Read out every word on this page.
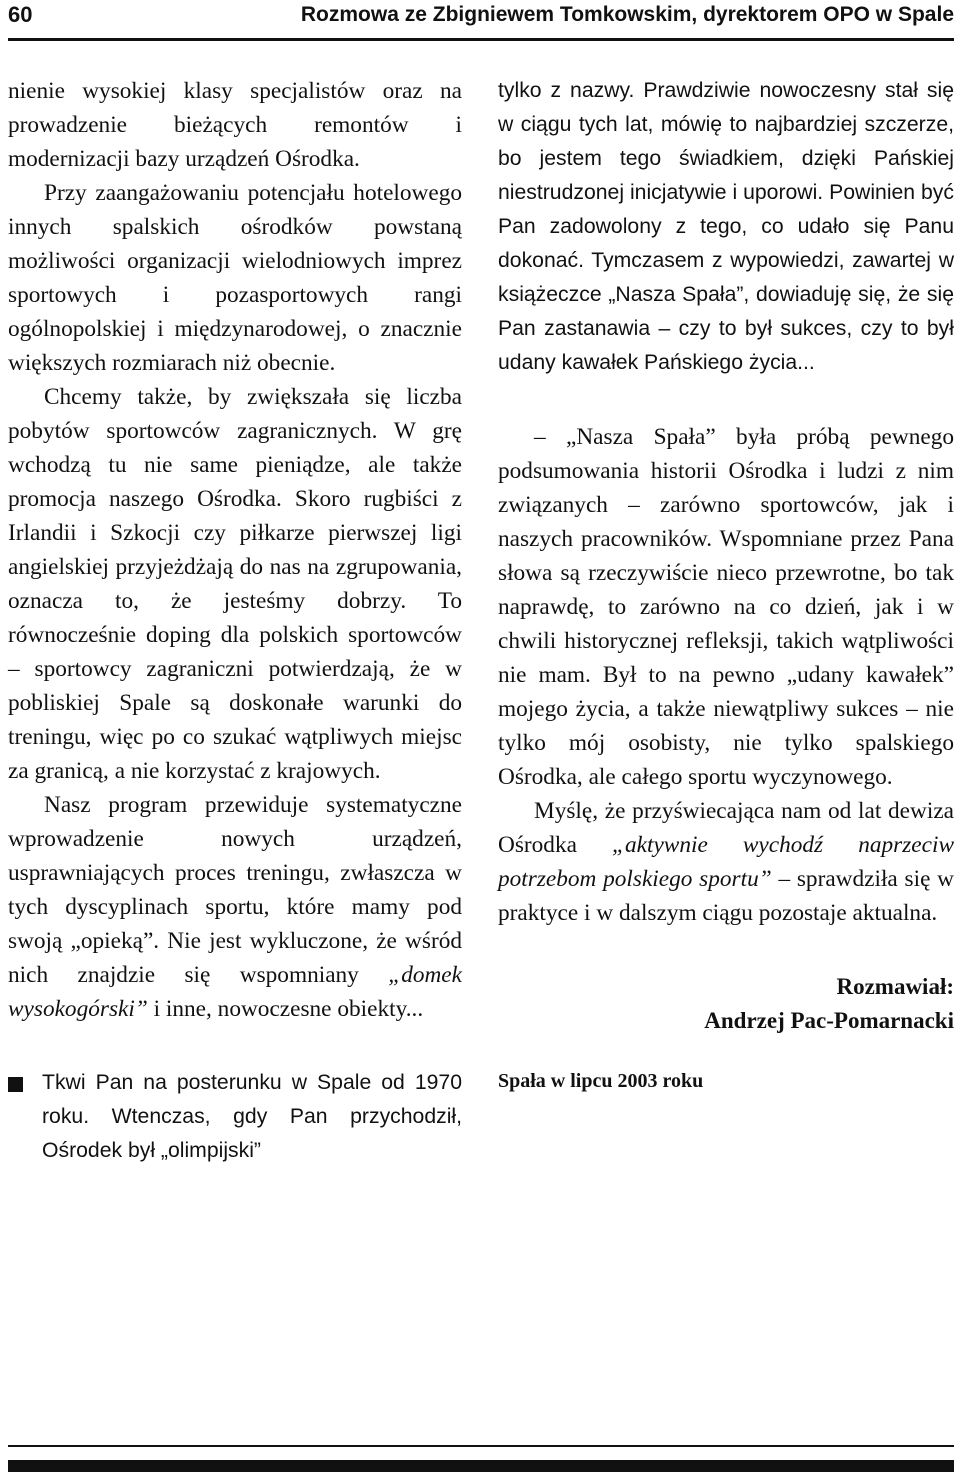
60	Rozmowa ze Zbigniewem Tomkowskim, dyrektorem OPO w Spale

nienie wysokiej klasy specjalistów oraz na prowadzenie bieżących remontów i modernizacji bazy urządzeń Ośrodka.

Przy zaangażowaniu potencjału hotelowego innych spalskich ośrodków powstaną możliwości organizacji wielodniowych imprez sportowych i pozasportowych rangi ogólnopolskiej i międzynarodowej, o znacznie większych rozmiarach niż obecnie.

Chcemy także, by zwiększała się liczba pobytów sportowców zagranicznych. W grę wchodzą tu nie same pieniądze, ale także promocja naszego Ośrodka. Skoro rugbiści z Irlandii i Szkocji czy piłkarze pierwszej ligi angielskiej przyjeżdżają do nas na zgrupowania, oznacza to, że jesteśmy dobrzy. To równocześnie doping dla polskich sportowców – sportowcy zagraniczni potwierdzają, że w pobliskiej Spale są doskonałe warunki do treningu, więc po co szukać wątpliwych miejsc za granicą, a nie korzystać z krajowych.

Nasz program przewiduje systematyczne wprowadzenie nowych urządzeń, usprawniających proces treningu, zwłaszcza w tych dyscyplinach sportu, które mamy pod swoją „opieką”. Nie jest wykluczone, że wśród nich znajdzie się wspomniany „domek wysokogórski” i inne, nowoczesne obiekty...

Tkwi Pan na posterunku w Spale od 1970 roku. Wtenczas, gdy Pan przychodził, Ośrodek był „olimpijski”

tylko z nazwy. Prawdziwie nowoczesny stał się w ciągu tych lat, mówię to najbardziej szczerze, bo jestem tego świadkiem, dzięki Pańskiej niestrudzonej inicjatywie i uporowi. Powinien być Pan zadowolony z tego, co udało się Panu dokonać. Tymczasem z wypowiedzi, zawartej w książeczce „Nasza Spała”, dowiaduję się, że się Pan zastanawia – czy to był sukces, czy to był udany kawałek Pańskiego życia...

– „Nasza Spała” była próbą pewnego podsumowania historii Ośrodka i ludzi z nim związanych – zarówno sportowców, jak i naszych pracowników. Wspomniane przez Pana słowa są rzeczywiście nieco przewrotne, bo tak naprawdę, to zarówno na co dzień, jak i w chwili historycznej refleksji, takich wątpliwości nie mam. Był to na pewno „udany kawałek” mojego życia, a także niewątpliwy sukces – nie tylko mój osobisty, nie tylko spalskiego Ośrodka, ale całego sportu wyczynowego.

Myślę, że przyświecająca nam od lat dewiza Ośrodka „aktywnie wychodź naprzeciw potrzebom polskiego sportu” – sprawdziła się w praktyce i w dalszym ciągu pozostaje aktualna.

Rozmawiał:
Andrzej Pac-Pomarnacki
Spała w lipcu 2003 roku
